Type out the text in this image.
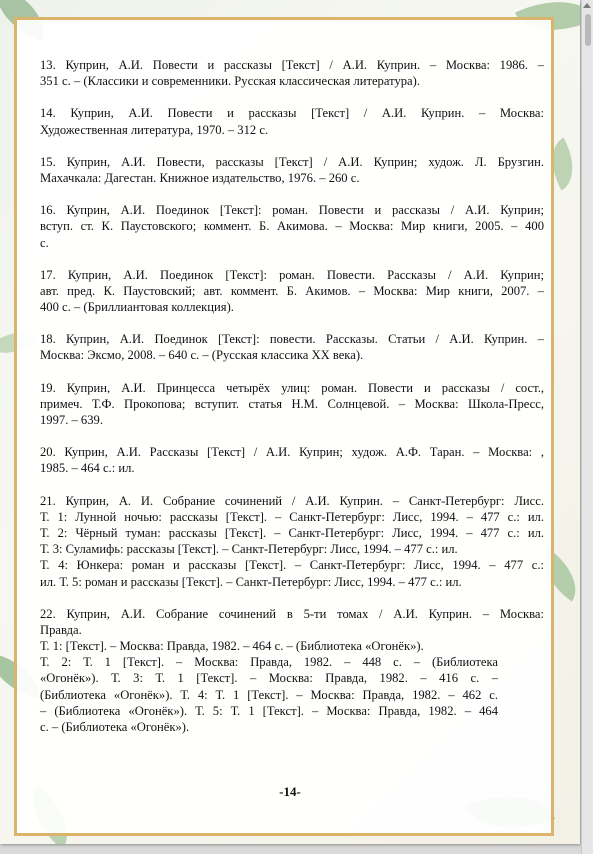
13. Куприн, А.И. Повести и рассказы [Текст] / А.И. Куприн. – Москва: 1986. –
351 с. – (Классики и современники. Русская классическая литература).
14. Куприн, А.И. Повести и рассказы [Текст] / А.И. Куприн. – Москва:
Художественная литература, 1970. – 312 с.
15. Куприн, А.И. Повести, рассказы [Текст] / А.И. Куприн; худож. Л. Брузгин.
Махачкала: Дагестан. Книжное издательство, 1976. – 260 с.
16. Куприн, А.И. Поединок [Текст]: роман. Повести и рассказы / А.И. Куприн;
вступ. ст. К. Паустовского; коммент. Б. Акимова. – Москва: Мир книги, 2005. – 400
с.
17. Куприн, А.И. Поединок [Текст]: роман. Повести. Рассказы / А.И. Куприн;
авт. пред. К. Паустовский; авт. коммент. Б. Акимов. – Москва: Мир книги, 2007. –
400 с. – (Бриллиантовая коллекция).
18. Куприн, А.И. Поединок [Текст]: повести. Рассказы. Статьи / А.И. Куприн. –
Москва: Эксмо, 2008. – 640 с. – (Русская классика XX века).
19. Куприн, А.И. Принцесса четырёх улиц: роман. Повести и рассказы / сост.,
примеч. Т.Ф. Прокопова; вступит. статья Н.М. Солнцевой. – Москва: Школа-Пресс,
1997. – 639.
20. Куприн, А.И. Рассказы [Текст] / А.И. Куприн; худож. А.Ф. Таран. – Москва: ,
1985. – 464 с.: ил.
21. Куприн, А. И. Собрание сочинений / А.И. Куприн. – Санкт-Петербург: Лисс.
Т. 1: Лунной ночью: рассказы [Текст]. – Санкт-Петербург: Лисс, 1994. – 477 с.: ил.
Т. 2: Чёрный туман: рассказы [Текст]. – Санкт-Петербург: Лисс, 1994. – 477 с.: ил.
Т. 3: Суламифь: рассказы [Текст]. – Санкт-Петербург: Лисс, 1994. – 477 с.: ил.
Т. 4: Юнкера: роман и рассказы [Текст]. – Санкт-Петербург: Лисс, 1994. – 477 с.:
ил. Т. 5: роман и рассказы [Текст]. – Санкт-Петербург: Лисс, 1994. – 477 с.: ил.
22. Куприн, А.И. Собрание сочинений в 5-ти томах / А.И. Куприн. – Москва:
Правда.
Т. 1: [Текст]. – Москва: Правда, 1982. – 464 с. – (Библиотека «Огонёк»).
Т. 2: Т. 1 [Текст]. – Москва: Правда, 1982. – 448 с. – (Библиотека
«Огонёк»). Т. 3: Т. 1 [Текст]. – Москва: Правда, 1982. – 416 с. –
(Библиотека «Огонёк»). Т. 4: Т. 1 [Текст]. – Москва: Правда, 1982. – 462 с.
– (Библиотека «Огонёк»). Т. 5: Т. 1 [Текст]. – Москва: Правда, 1982. – 464
с. – (Библиотека «Огонёк»).
-14-
